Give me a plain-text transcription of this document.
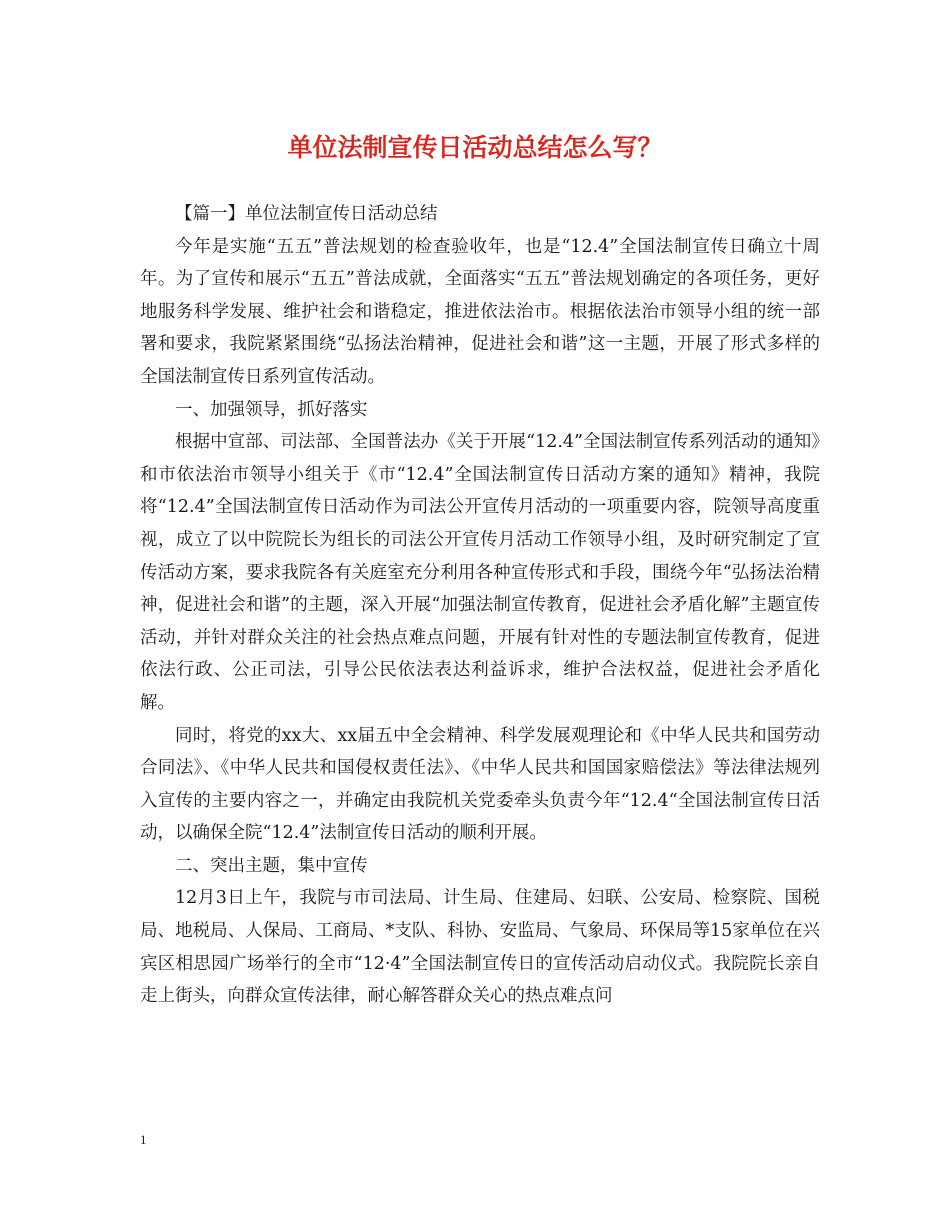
单位法制宣传日活动总结怎么写？

【篇一】单位法制宣传日活动总结

今年是实施“五五”普法规划的检查验收年，也是“12.4”全国法制宣传日确立十周年。为了宣传和展示“五五”普法成就，全面落实“五五”普法规划确定的各项任务，更好地服务科学发展、维护社会和谐稳定，推进依法治市。根据依法治市领导小组的统一部署和要求，我院紧紧围绕“弘扬法治精神，促进社会和谐”这一主题，开展了形式多样的全国法制宣传日系列宣传活动。

一、加强领导，抓好落实

根据中宣部、司法部、全国普法办《关于开展“12.4”全国法制宣传系列活动的通知》和市依法治市领导小组关于《市“12.4”全国法制宣传日活动方案的通知》精神，我院将“12.4”全国法制宣传日活动作为司法公开宣传月活动的一项重要内容，院领导高度重视，成立了以中院院长为组长的司法公开宣传月活动工作领导小组，及时研究制定了宣传活动方案，要求我院各有关庭室充分利用各种宣传形式和手段，围绕今年“弘扬法治精神，促进社会和谐”的主题，深入开展“加强法制宣传教育，促进社会矛盾化解”主题宣传活动，并针对群众关注的社会热点难点问题，开展有针对性的专题法制宣传教育，促进依法行政、公正司法，引导公民依法表达利益诉求，维护合法权益，促进社会矛盾化解。

同时，将党的xx大、xx届五中全会精神、科学发展观理论和《中华人民共和国劳动合同法》、《中华人民共和国侵权责任法》、《中华人民共和国国家赔偿法》等法律法规列入宣传的主要内容之一，并确定由我院机关党委牵头负责今年“12.4“全国法制宣传日活动，以确保全院“12.4”法制宣传日活动的顺利开展。

二、突出主题，集中宣传

12月3日上午，我院与市司法局、计生局、住建局、妇联、公安局、检察院、国税局、地税局、人保局、工商局、*支队、科协、安监局、气象局、环保局等15家单位在兴宾区相思园广场举行的全市“12·4”全国法制宣传日的宣传活动启动仪式。我院院长亲自走上街头，向群众宣传法律，耐心解答群众关心的热点难点问

1
